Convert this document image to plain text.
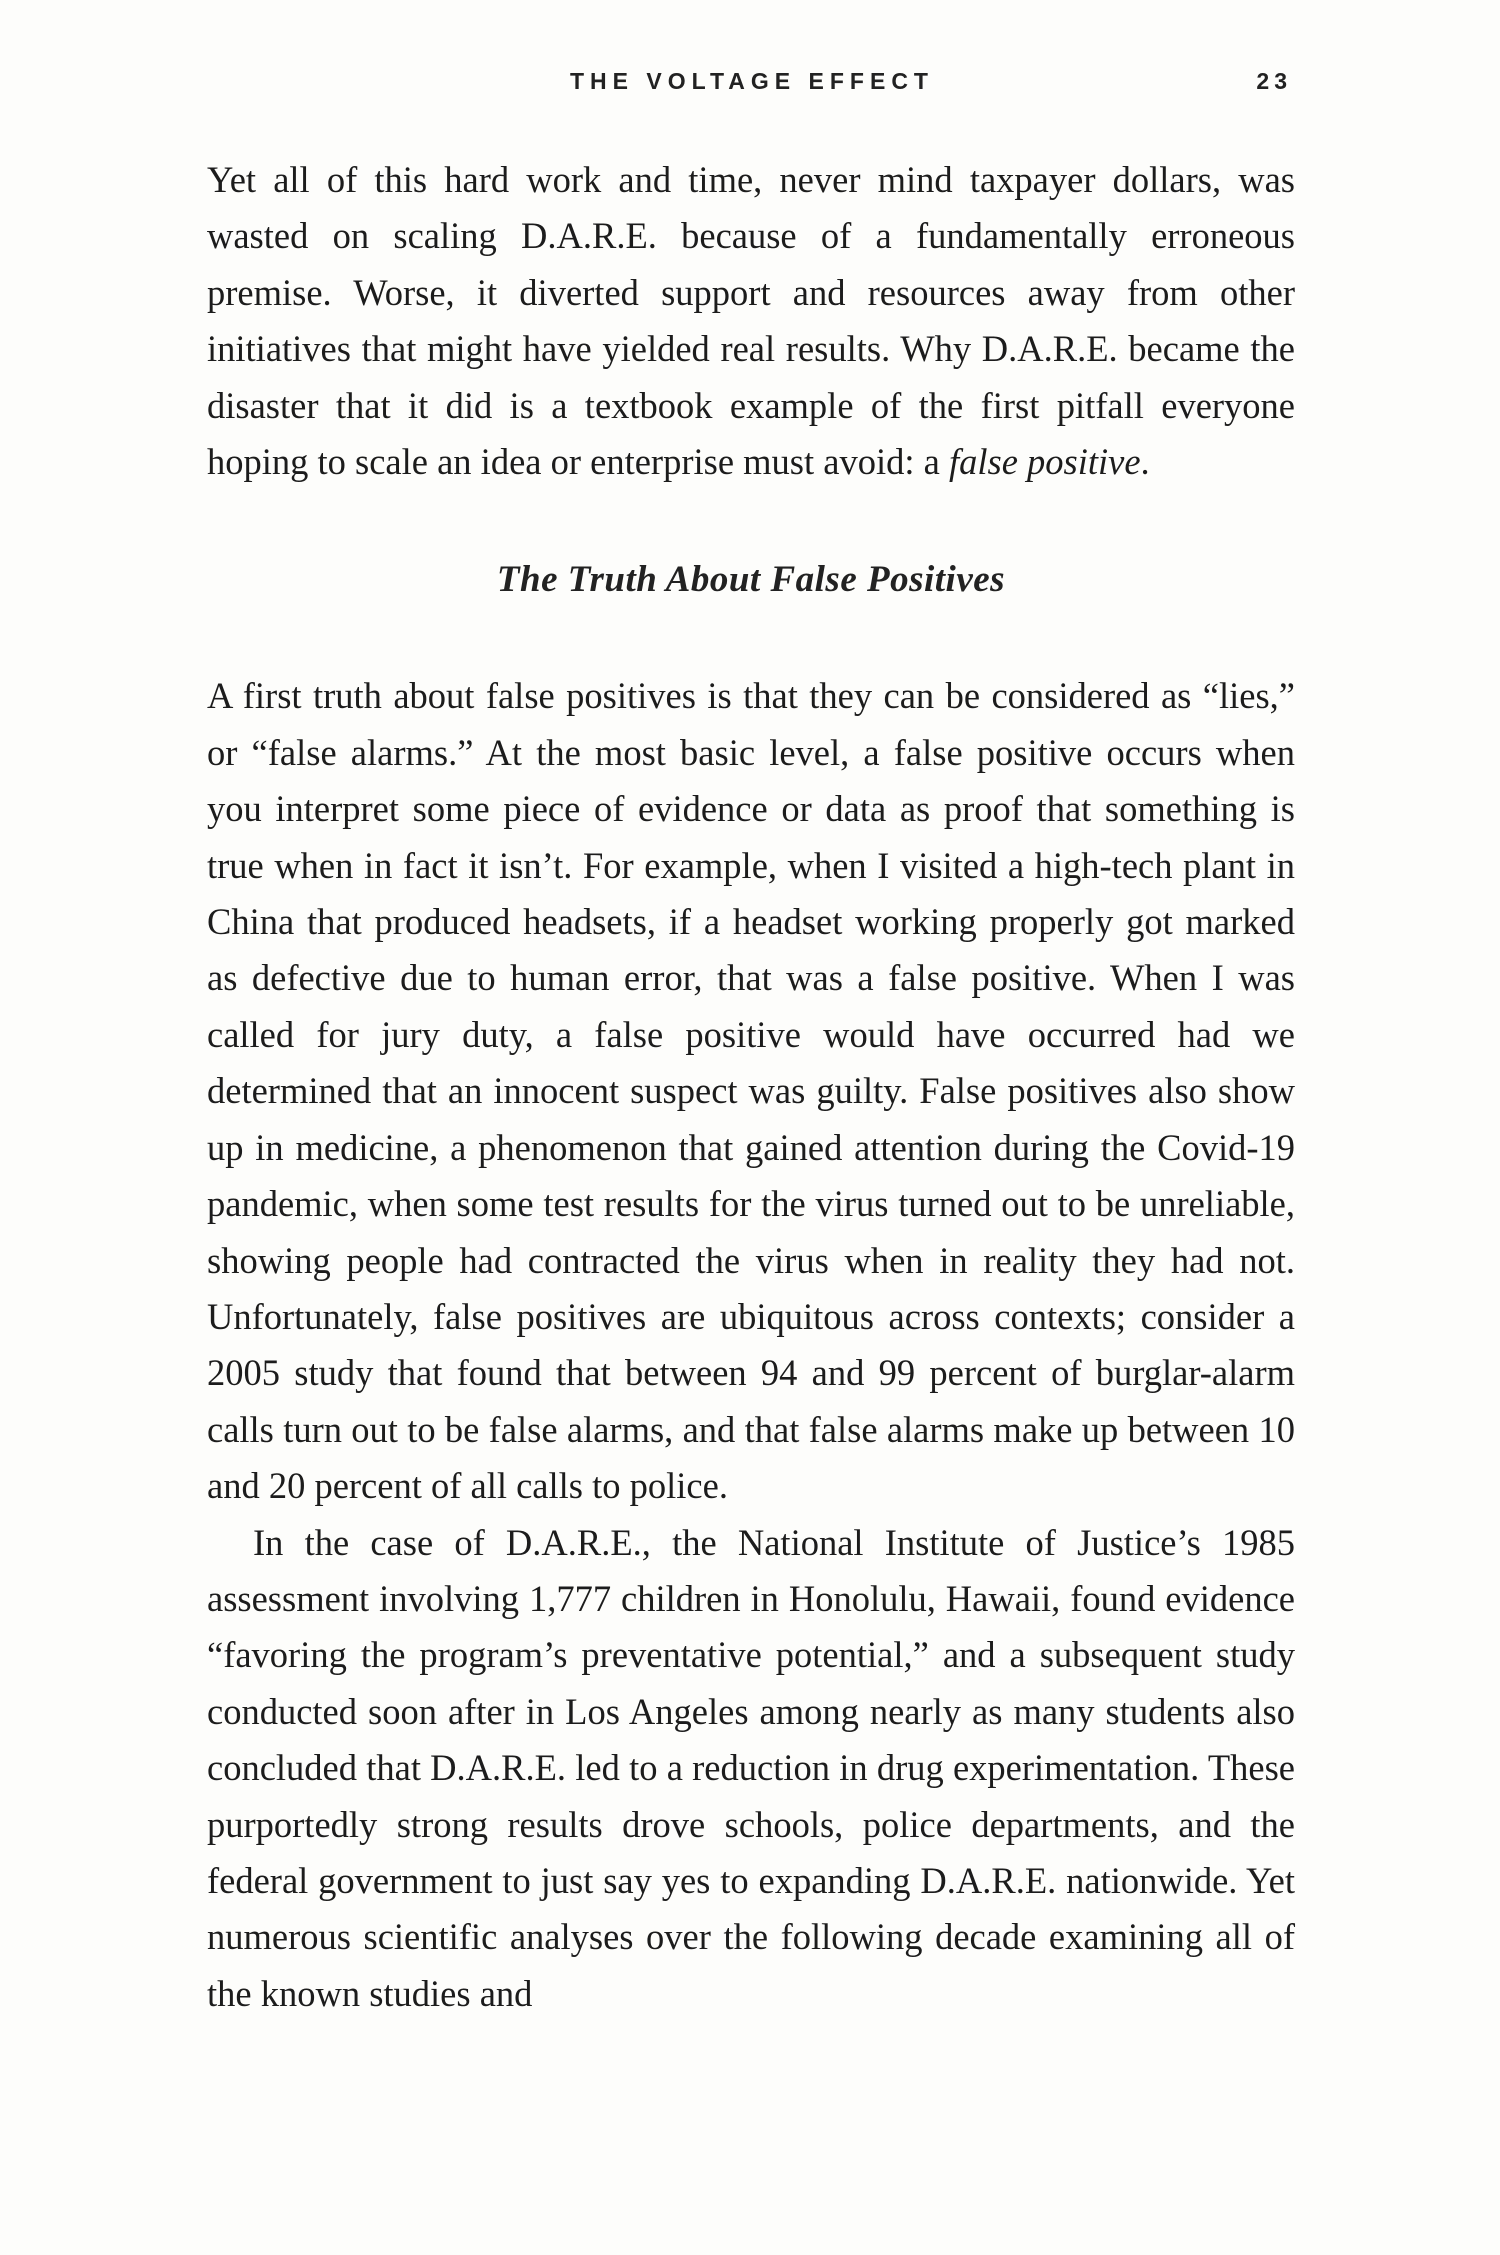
THE VOLTAGE EFFECT	23

Yet all of this hard work and time, never mind taxpayer dollars, was wasted on scaling D.A.R.E. because of a fundamentally erroneous premise. Worse, it diverted support and resources away from other initiatives that might have yielded real results. Why D.A.R.E. became the disaster that it did is a textbook example of the first pitfall everyone hoping to scale an idea or enterprise must avoid: a false positive.

The Truth About False Positives

A first truth about false positives is that they can be considered as “lies,” or “false alarms.” At the most basic level, a false positive occurs when you interpret some piece of evidence or data as proof that something is true when in fact it isn’t. For example, when I visited a high-tech plant in China that produced headsets, if a headset working properly got marked as defective due to human error, that was a false positive. When I was called for jury duty, a false positive would have occurred had we determined that an innocent suspect was guilty. False positives also show up in medicine, a phenomenon that gained attention during the Covid-19 pandemic, when some test results for the virus turned out to be unreliable, showing people had contracted the virus when in reality they had not. Unfortunately, false positives are ubiquitous across contexts; consider a 2005 study that found that between 94 and 99 percent of burglar-alarm calls turn out to be false alarms, and that false alarms make up between 10 and 20 percent of all calls to police.

In the case of D.A.R.E., the National Institute of Justice’s 1985 assessment involving 1,777 children in Honolulu, Hawaii, found evidence “favoring the program’s preventative potential,” and a subsequent study conducted soon after in Los Angeles among nearly as many students also concluded that D.A.R.E. led to a reduction in drug experimentation. These purportedly strong results drove schools, police departments, and the federal government to just say yes to expanding D.A.R.E. nationwide. Yet numerous scientific analyses over the following decade examining all of the known studies and
